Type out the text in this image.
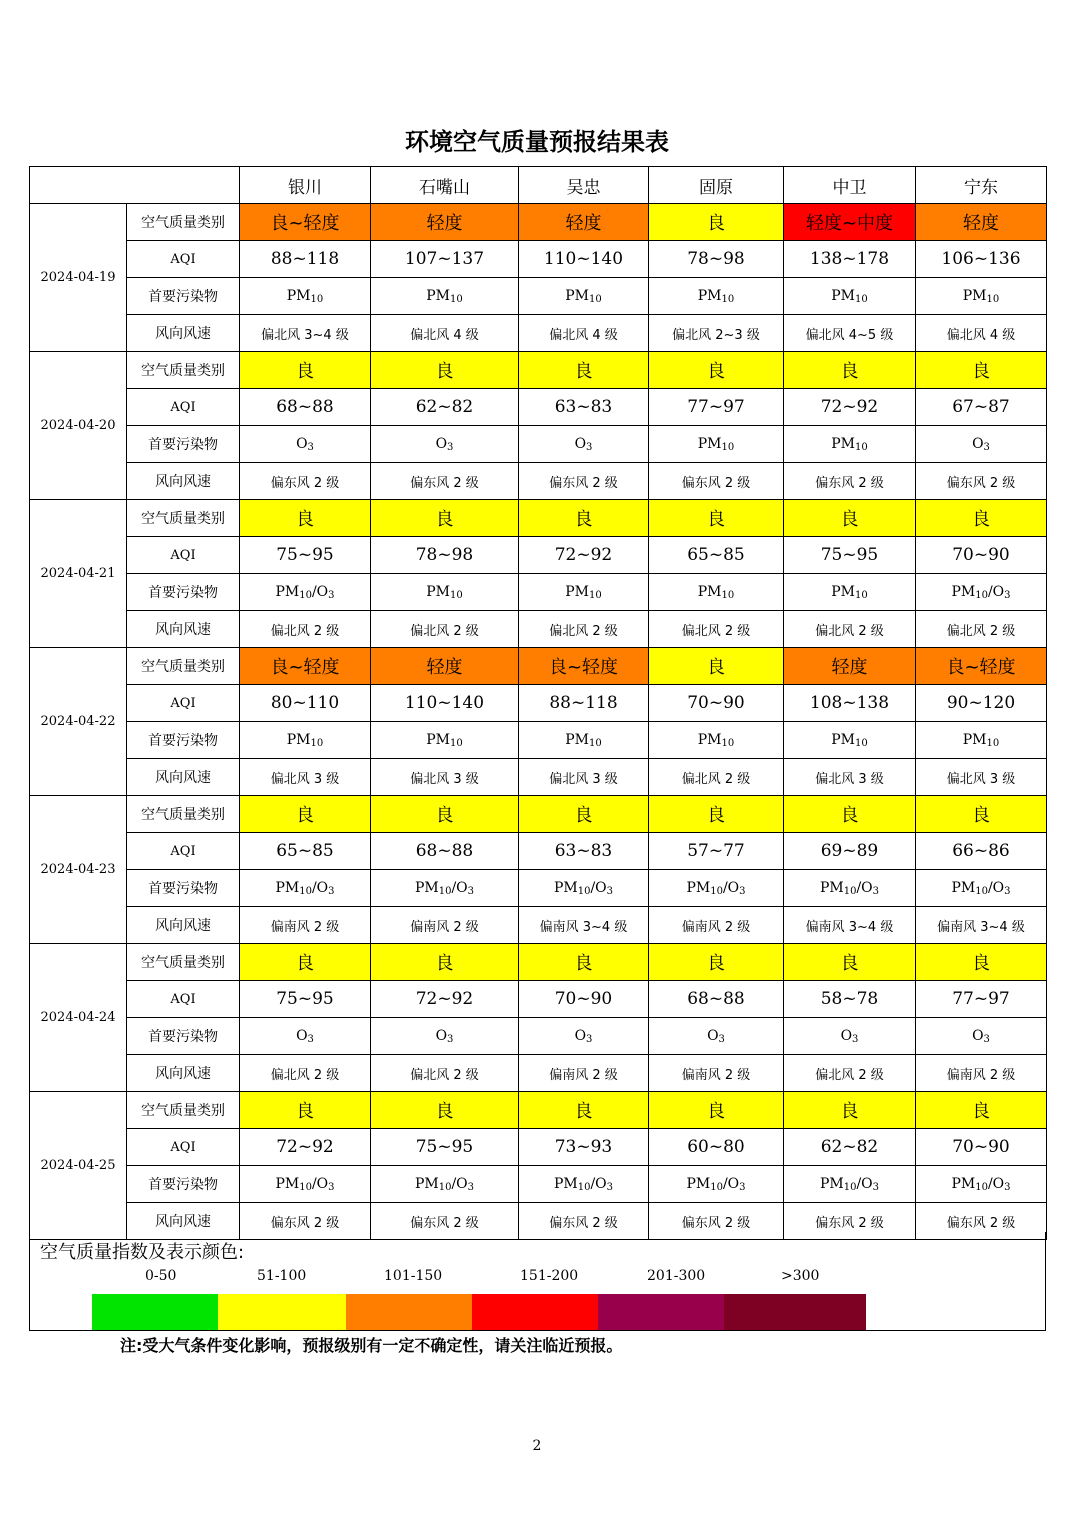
环境空气质量预报结果表
		银川	石嘴山	吴忠	固原	中卫	宁东
2024-04-19	空气质量类别	良~轻度	轻度	轻度	良	轻度~中度	轻度
	AQI	88~118	107~137	110~140	78~98	138~178	106~136
	首要污染物	$PM_{10}$	$PM_{10}$	$PM_{10}$	$PM_{10}$	$PM_{10}$	$PM_{10}$
	风向风速	偏北风 3~4 级	偏北风 4 级	偏北风 4 级	偏北风 2~3 级	偏北风 4~5 级	偏北风 4 级
2024-04-20	空气质量类别	良	良	良	良	良	良
	AQI	68~88	62~82	63~83	77~97	72~92	67~87
	首要污染物	$O_3$	$O_3$	$O_3$	$PM_{10}$	$PM_{10}$	$O_3$
	风向风速	偏东风 2 级	偏东风 2 级	偏东风 2 级	偏东风 2 级	偏东风 2 级	偏东风 2 级
2024-04-21	空气质量类别	良	良	良	良	良	良
	AQI	75~95	78~98	72~92	65~85	75~95	70~90
	首要污染物	$PM_{10}/O_3$	$PM_{10}$	$PM_{10}$	$PM_{10}$	$PM_{10}$	$PM_{10}/O_3$
	风向风速	偏北风 2 级	偏北风 2 级	偏北风 2 级	偏北风 2 级	偏北风 2 级	偏北风 2 级
2024-04-22	空气质量类别	良~轻度	轻度	良~轻度	良	轻度	良~轻度
	AQI	80~110	110~140	88~118	70~90	108~138	90~120
	首要污染物	$PM_{10}$	$PM_{10}$	$PM_{10}$	$PM_{10}$	$PM_{10}$	$PM_{10}$
	风向风速	偏北风 3 级	偏北风 3 级	偏北风 3 级	偏北风 2 级	偏北风 3 级	偏北风 3 级
2024-04-23	空气质量类别	良	良	良	良	良	良
	AQI	65~85	68~88	63~83	57~77	69~89	66~86
	首要污染物	$PM_{10}/O_3$	$PM_{10}/O_3$	$PM_{10}/O_3$	$PM_{10}/O_3$	$PM_{10}/O_3$	$PM_{10}/O_3$
	风向风速	偏南风 2 级	偏南风 2 级	偏南风 3~4 级	偏南风 2 级	偏南风 3~4 级	偏南风 3~4 级
2024-04-24	空气质量类别	良	良	良	良	良	良
	AQI	75~95	72~92	70~90	68~88	58~78	77~97
	首要污染物	$O_3$	$O_3$	$O_3$	$O_3$	$O_3$	$O_3$
	风向风速	偏北风 2 级	偏北风 2 级	偏南风 2 级	偏南风 2 级	偏北风 2 级	偏南风 2 级
2024-04-25	空气质量类别	良	良	良	良	良	良
	AQI	72~92	75~95	73~93	60~80	62~82	70~90
	首要污染物	$PM_{10}/O_3$	$PM_{10}/O_3$	$PM_{10}/O_3$	$PM_{10}/O_3$	$PM_{10}/O_3$	$PM_{10}/O_3$
	风向风速	偏东风 2 级	偏东风 2 级	偏东风 2 级	偏东风 2 级	偏东风 2 级	偏东风 2 级
空气质量指数及表示颜色:
0-50	51-100	101-150	151-200	201-300	>300
注:受大气条件变化影响，预报级别有一定不确定性，请关注临近预报。
2
